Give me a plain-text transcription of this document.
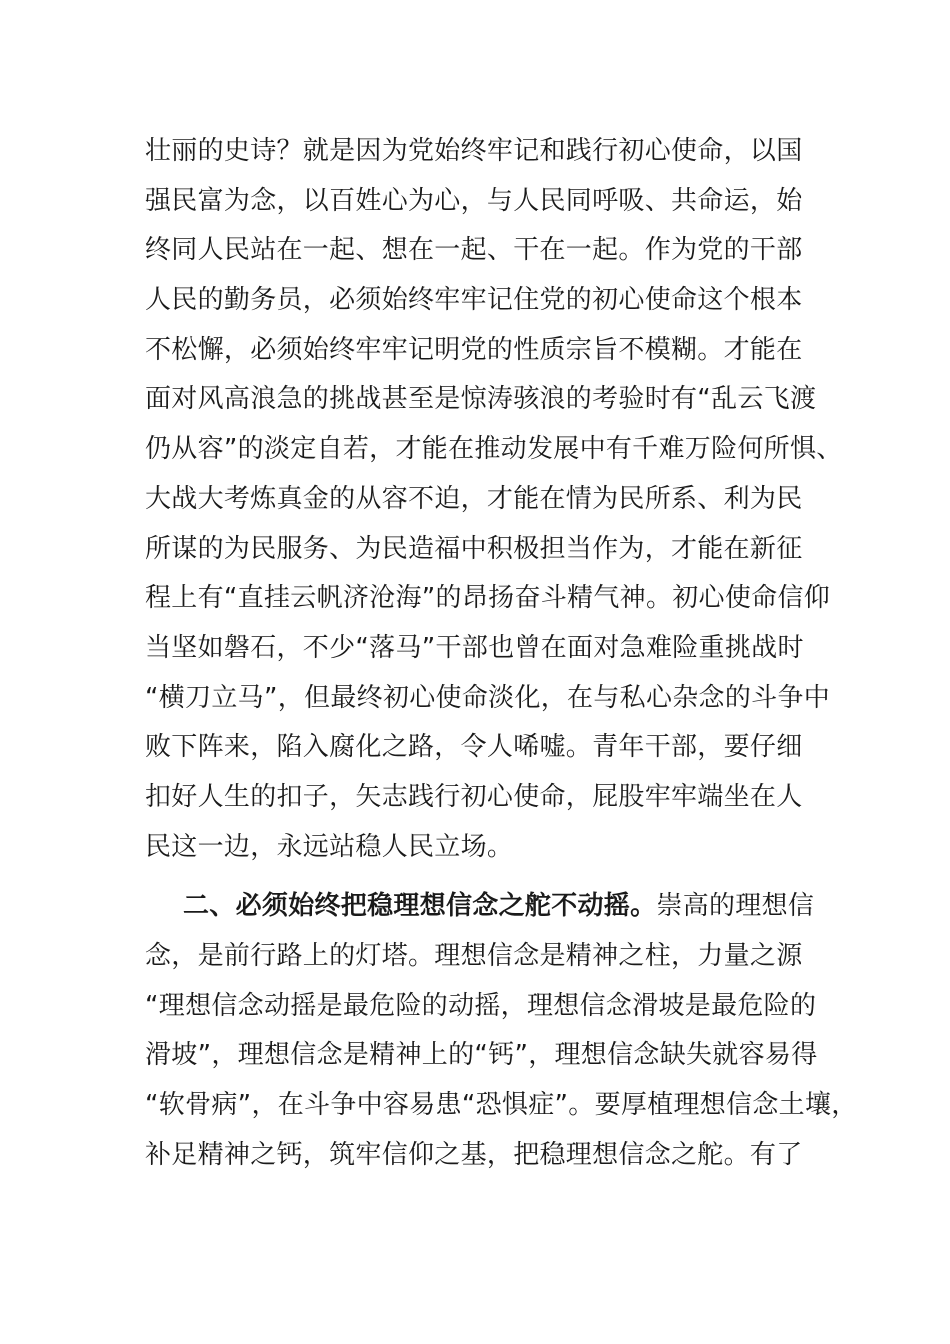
壮丽的史诗？就是因为党始终牢记和践行初心使命，以国
强民富为念，以百姓心为心，与人民同呼吸、共命运，始
终同人民站在一起、想在一起、干在一起。作为党的干部
人民的勤务员，必须始终牢牢记住党的初心使命这个根本
不松懈，必须始终牢牢记明党的性质宗旨不模糊。才能在
面对风高浪急的挑战甚至是惊涛骇浪的考验时有“乱云飞渡
仍从容”的淡定自若，才能在推动发展中有千难万险何所惧、
大战大考炼真金的从容不迫，才能在情为民所系、利为民
所谋的为民服务、为民造福中积极担当作为，才能在新征
程上有“直挂云帆济沧海”的昂扬奋斗精气神。初心使命信仰
当坚如磐石，不少“落马”干部也曾在面对急难险重挑战时
“横刀立马”，但最终初心使命淡化，在与私心杂念的斗争中
败下阵来，陷入腐化之路，令人唏嘘。青年干部，要仔细
扣好人生的扣子，矢志践行初心使命，屁股牢牢端坐在人
民这一边，永远站稳人民立场。
二、必须始终把稳理想信念之舵不动摇。崇高的理想信
念，是前行路上的灯塔。理想信念是精神之柱，力量之源
“理想信念动摇是最危险的动摇，理想信念滑坡是最危险的
滑坡”，理想信念是精神上的“钙”，理想信念缺失就容易得
“软骨病”，在斗争中容易患“恐惧症”。要厚植理想信念土壤，
补足精神之钙，筑牢信仰之基，把稳理想信念之舵。有了
